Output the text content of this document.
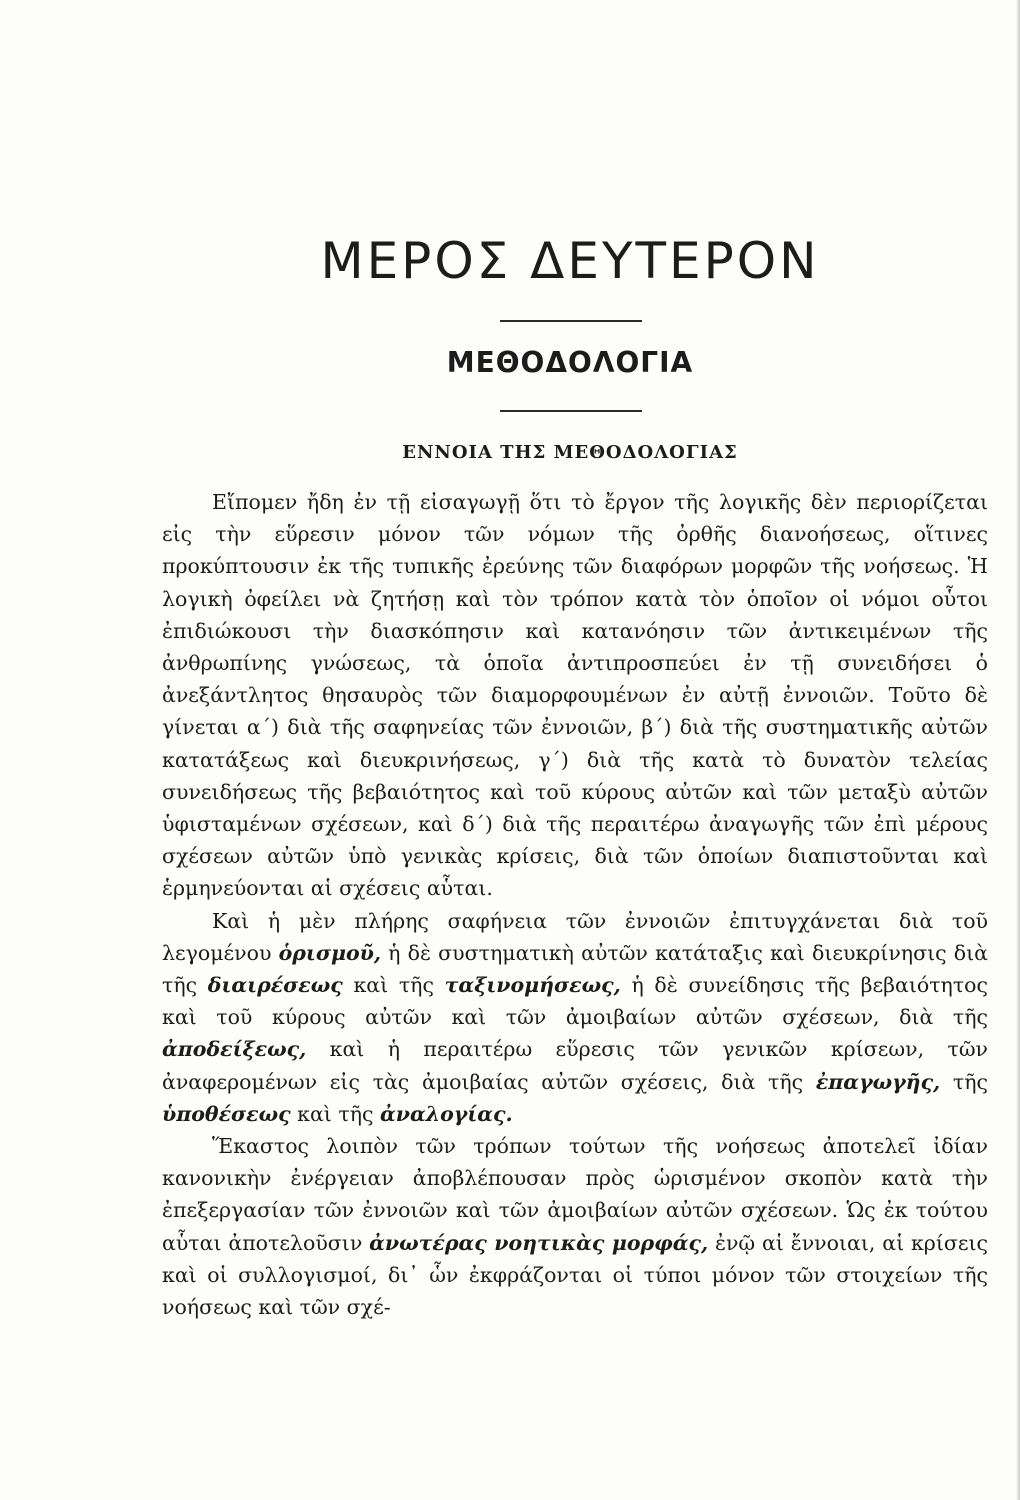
ΜΕΡΟΣ ΔΕΥΤΕΡΟΝ
ΜΕΘΟΔΟΛΟΓΙΑ
ΕΝΝΟΙΑ ΤΗΣ ΜΕΘΟΔΟΛΟΓΙΑΣ

Εἴπομεν ἤδη ἐν τῇ εἰσαγωγῇ ὅτι τὸ ἔργον τῆς λογικῆς δὲν περιορίζεται εἰς τὴν εὕρεσιν μόνον τῶν νόμων τῆς ὀρθῆς διανοήσεως, οἵτινες προκύπτουσιν ἐκ τῆς τυπικῆς ἐρεύνης τῶν διαφόρων μορφῶν τῆς νοήσεως. Ἡ λογικὴ ὀφείλει νὰ ζητήσῃ καὶ τὸν τρόπον κατὰ τὸν ὁποῖον οἱ νόμοι οὗτοι ἐπιδιώκουσι τὴν διασκόπησιν καὶ κατανόησιν τῶν ἀντικειμένων τῆς ἀνθρωπίνης γνώσεως, τὰ ὁποῖα ἀντιπροσπεύει ἐν τῇ συνειδήσει ὁ ἀνεξάντλητος θησαυρὸς τῶν διαμορφουμένων ἐν αὐτῇ ἐννοιῶν. Τοῦτο δὲ γίνεται α΄) διὰ τῆς σαφηνείας τῶν ἐννοιῶν, β΄) διὰ τῆς συστηματικῆς αὐτῶν κατατάξεως καὶ διευκρινήσεως, γ΄) διὰ τῆς κατὰ τὸ δυνατὸν τελείας συνειδήσεως τῆς βεβαιότητος καὶ τοῦ κύρους αὐτῶν καὶ τῶν μεταξὺ αὐτῶν ὑφισταμένων σχέσεων, καὶ δ΄) διὰ τῆς περαιτέρω ἀναγωγῆς τῶν ἐπὶ μέρους σχέσεων αὐτῶν ὑπὸ γενικὰς κρίσεις, διὰ τῶν ὁποίων διαπιστοῦνται καὶ ἑρμηνεύονται αἱ σχέσεις αὗται.

Καὶ ἡ μὲν πλήρης σαφήνεια τῶν ἐννοιῶν ἐπιτυγχάνεται διὰ τοῦ λεγομένου ὁρισμοῦ, ἡ δὲ συστηματικὴ αὐτῶν κατάταξις καὶ διευκρίνησις διὰ τῆς διαιρέσεως καὶ τῆς ταξινομήσεως, ἡ δὲ συνείδησις τῆς βεβαιότητος καὶ τοῦ κύρους αὐτῶν καὶ τῶν ἀμοιβαίων αὐτῶν σχέσεων, διὰ τῆς ἀποδείξεως, καὶ ἡ περαιτέρω εὕρεσις τῶν γενικῶν κρίσεων, τῶν ἀναφερομένων εἰς τὰς ἀμοιβαίας αὐτῶν σχέσεις, διὰ τῆς ἐπαγωγῆς, τῆς ὑποθέσεως καὶ τῆς ἀναλογίας.

Ἕκαστος λοιπὸν τῶν τρόπων τούτων τῆς νοήσεως ἀποτελεῖ ἰδίαν κανονικὴν ἐνέργειαν ἀποβλέπουσαν πρὸς ὡρισμένον σκοπὸν κατὰ τὴν ἐπεξεργασίαν τῶν ἐννοιῶν καὶ τῶν ἀμοιβαίων αὐτῶν σχέσεων. Ὡς ἐκ τούτου αὗται ἀποτελοῦσιν ἀνωτέρας νοητικὰς μορφάς, ἐνῷ αἱ ἔννοιαι, αἱ κρίσεις καὶ οἱ συλλογισμοί, δι᾽ ὧν ἐκφράζονται οἱ τύποι μόνον τῶν στοιχείων τῆς νοήσεως καὶ τῶν σχέ-
